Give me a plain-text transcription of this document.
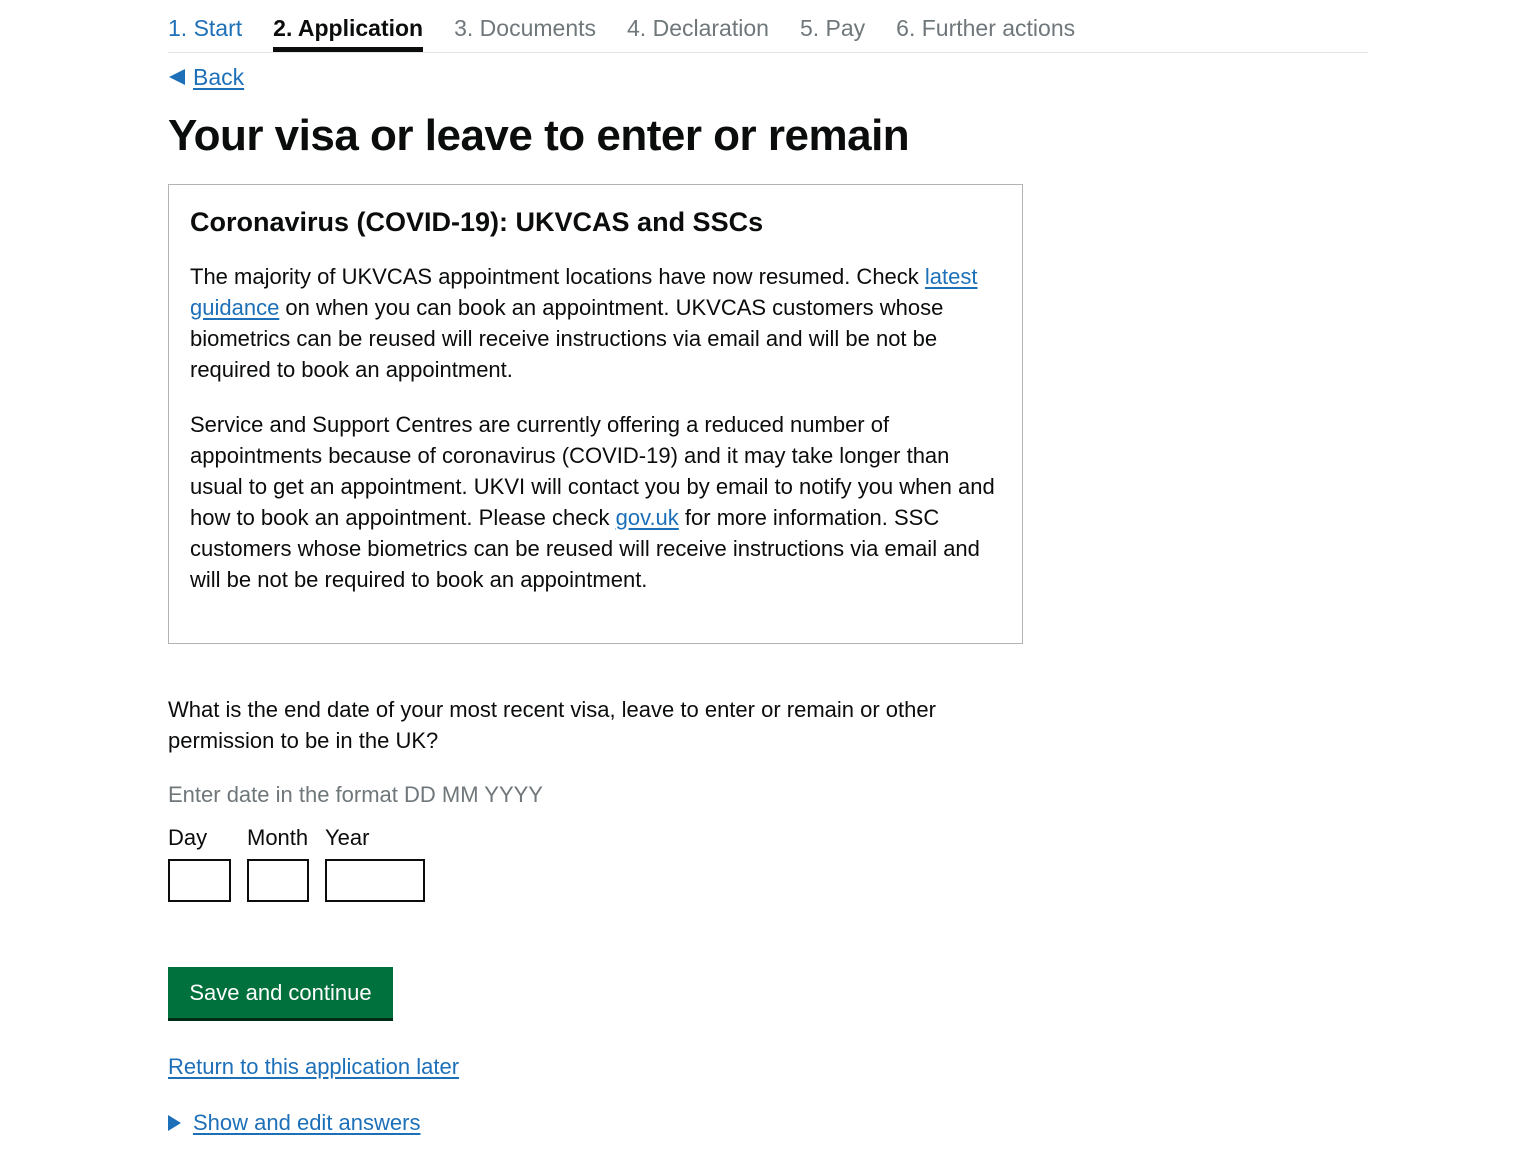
1. Start 2. Application 3. Documents 4. Declaration 5. Pay 6. Further actions
Back
Your visa or leave to enter or remain
Coronavirus (COVID-19): UKVCAS and SSCs

The majority of UKVCAS appointment locations have now resumed. Check latest guidance on when you can book an appointment. UKVCAS customers whose biometrics can be reused will receive instructions via email and will be not be required to book an appointment.

Service and Support Centres are currently offering a reduced number of appointments because of coronavirus (COVID-19) and it may take longer than usual to get an appointment. UKVI will contact you by email to notify you when and how to book an appointment. Please check gov.uk for more information. SSC customers whose biometrics can be reused will receive instructions via email and will be not be required to book an appointment.

What is the end date of your most recent visa, leave to enter or remain or other permission to be in the UK?
Enter date in the format DD MM YYYY
Day	Month Year
Save and continue
Return to this application later
Show and edit answers
